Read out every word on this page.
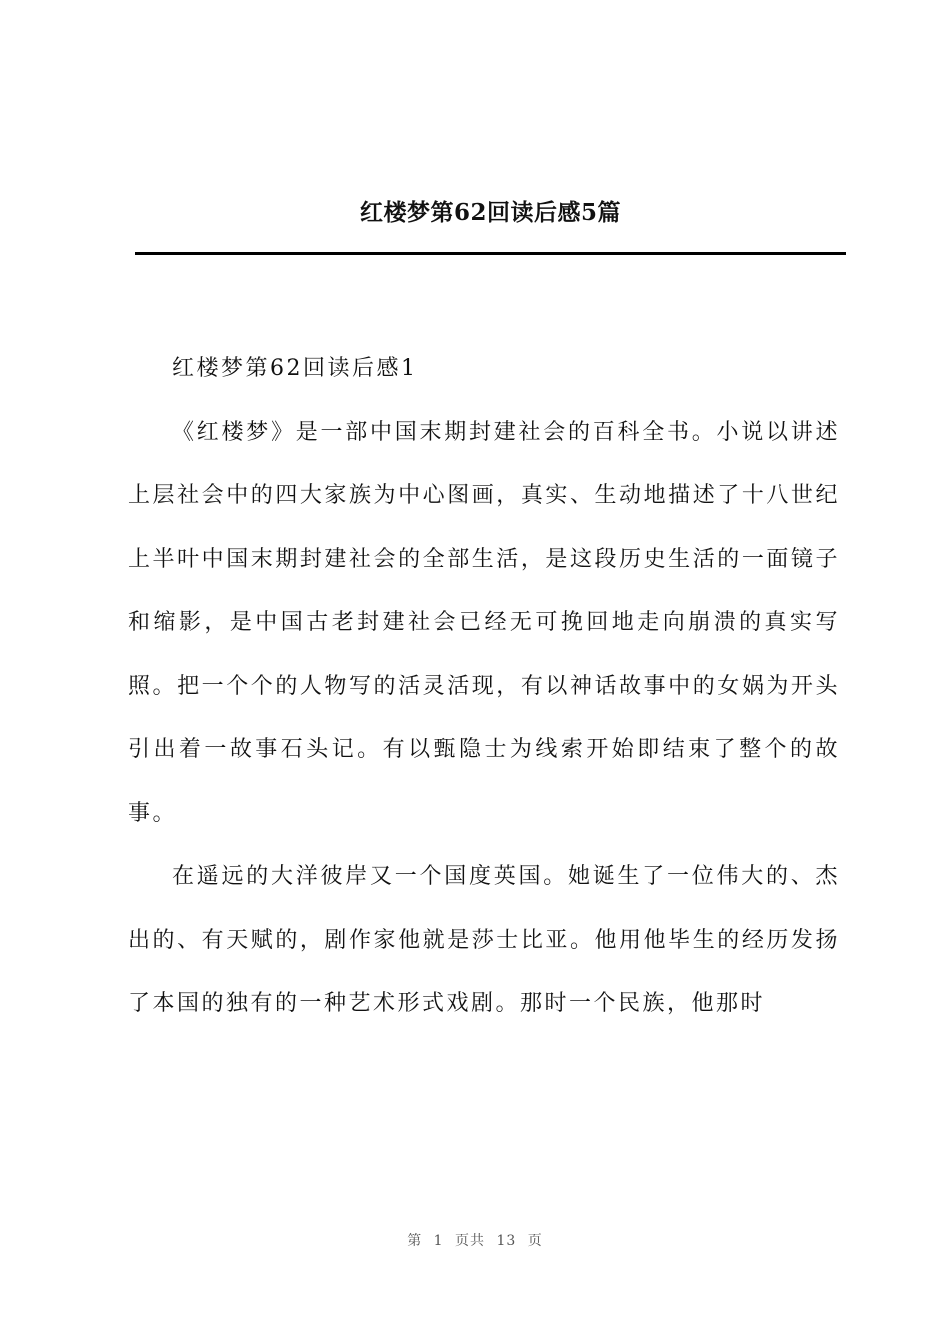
红楼梦第62回读后感5篇

红楼梦第62回读后感1

《红楼梦》是一部中国末期封建社会的百科全书。小说以讲述上层社会中的四大家族为中心图画，真实、生动地描述了十八世纪上半叶中国末期封建社会的全部生活，是这段历史生活的一面镜子和缩影，是中国古老封建社会已经无可挽回地走向崩溃的真实写照。把一个个的人物写的活灵活现，有以神话故事中的女娲为开头引出着一故事石头记。有以甄隐士为线索开始即结束了整个的故事。

在遥远的大洋彼岸又一个国度英国。她诞生了一位伟大的、杰出的、有天赋的，剧作家他就是莎士比亚。他用他毕生的经历发扬了本国的独有的一种艺术形式戏剧。那时一个民族，他那时

第 1 页共 13 页
